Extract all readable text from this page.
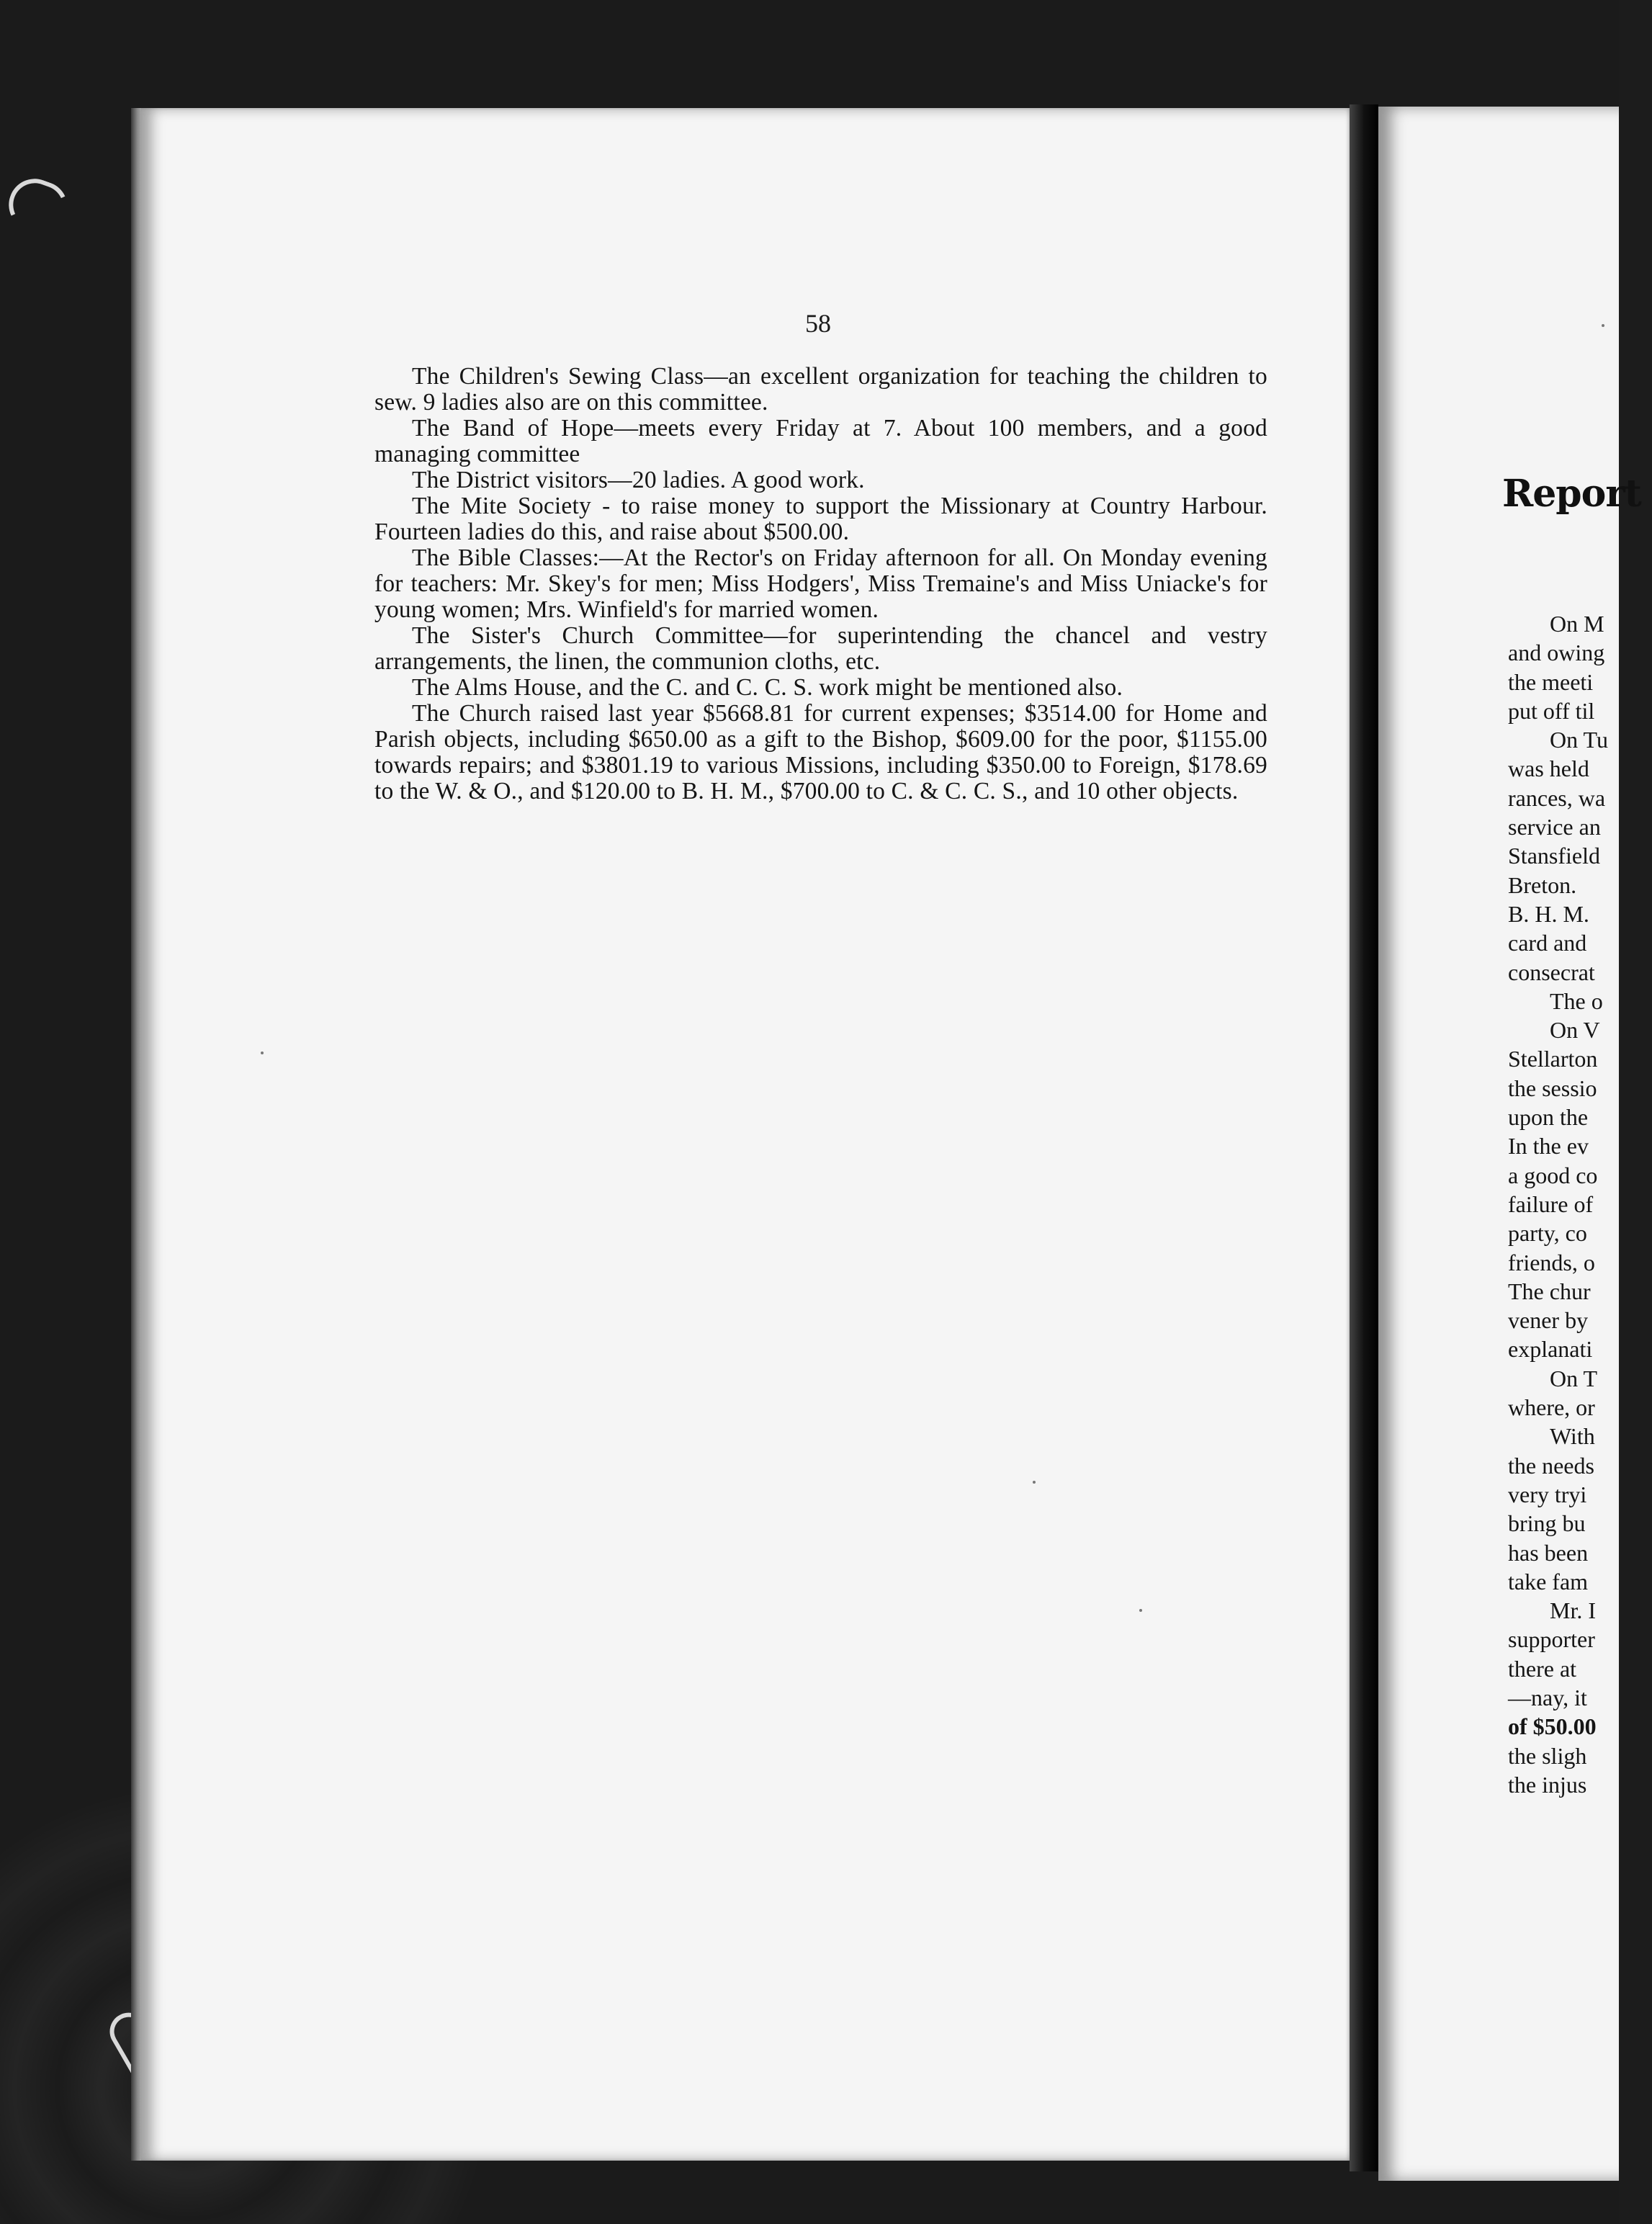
58

The Children's Sewing Class—an excellent organization for teaching the children to sew. 9 ladies also are on this committee.

The Band of Hope—meets every Friday at 7. About 100 members, and a good managing committee

The District visitors—20 ladies. A good work.

The Mite Society - to raise money to support the Missionary at Country Harbour. Fourteen ladies do this, and raise about $500.00.

The Bible Classes:—At the Rector's on Friday afternoon for all. On Monday evening for teachers: Mr. Skey's for men; Miss Hodgers', Miss Tremaine's and Miss Uniacke's for young women; Mrs. Winfield's for married women.

The Sister's Church Committee—for superintending the chancel and vestry arrangements, the linen, the communion cloths, etc.

The Alms House, and the C. and C. C. S. work might be mentioned also.

The Church raised last year $5668.81 for current expenses; $3514.00 for Home and Parish objects, including $650.00 as a gift to the Bishop, $609.00 for the poor, $1155.00 towards repairs; and $3801.19 to various Missions, including $350.00 to Foreign, $178.69 to the W. & O., and $120.00 to B. H. M., $700.00 to C. & C. C. S., and 10 other objects.

Report
On M
and owing
the meeti
put off til
On Tu
was held
rances, wa
service an
Stansfield
Breton.
B. H. M.
card and
consecrat
The o
On V
Stellarton
the sessio
upon the
In the ev
a good co
failure of
party, co
friends, o
The chur
vener by
explanati
On T
where, or
With
the needs
very tryi
bring bu
has been
take fam
Mr. I
supporter
there at
—nay, it
of $50.00
the sligh
the injus
